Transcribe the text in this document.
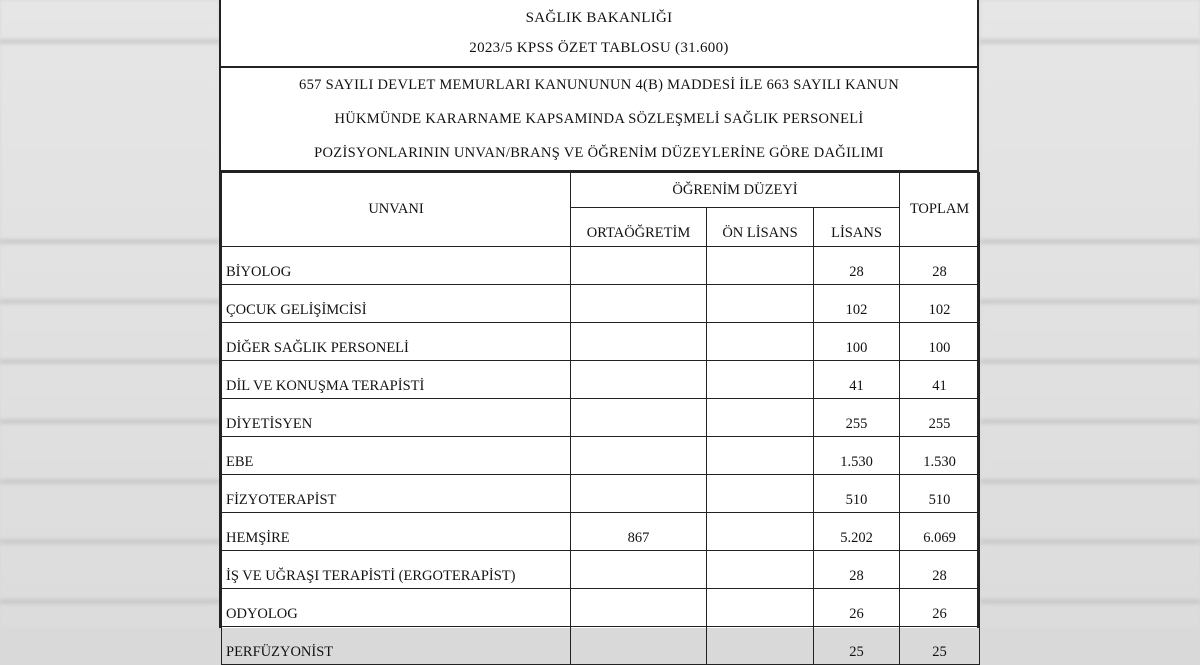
SAĞLIK BAKANLIĞI
2023/5 KPSS ÖZET TABLOSU (31.600)
657 SAYILI DEVLET MEMURLARI KANUNUNUN 4(B) MADDESİ İLE 663 SAYILI KANUN
HÜKMÜNDE KARARNAME KAPSAMINDA SÖZLEŞMELİ SAĞLIK PERSONELİ
POZİSYONLARININ UNVAN/BRANŞ VE ÖĞRENİM DÜZEYLERİNE GÖRE DAĞILIMI
UNVANI	ÖĞRENİM DÜZEYİ			TOPLAM
	ORTAÖĞRETİM	ÖN LİSANS	LİSANS	
BİYOLOG			28	28
ÇOCUK GELİŞİMCİSİ			102	102
DİĞER SAĞLIK PERSONELİ			100	100
DİL VE KONUŞMA TERAPİSTİ			41	41
DİYETİSYEN			255	255
EBE			1.530	1.530
FİZYOTERAPİST			510	510
HEMŞİRE	867		5.202	6.069
İŞ VE UĞRAŞI TERAPİSTİ (ERGOTERAPİST)			28	28
ODYOLOG			26	26
PERFÜZYONİST			25	25
